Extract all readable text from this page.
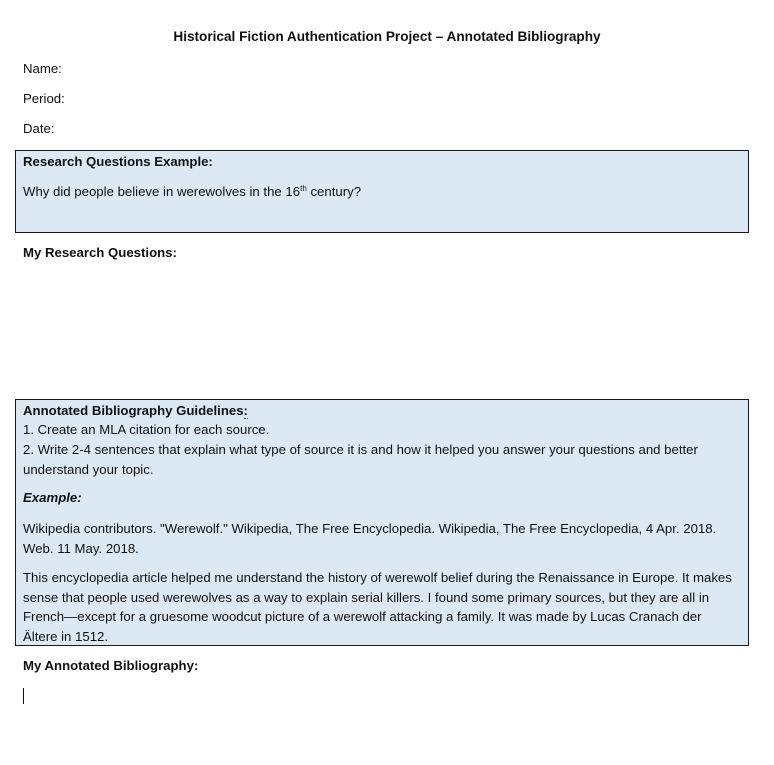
Historical Fiction Authentication Project – Annotated Bibliography
Name:
Period:
Date:
Research Questions Example:
Why did people believe in werewolves in the 16th century?
My Research Questions:
Annotated Bibliography Guidelines:
1. Create an MLA citation for each source.
2. Write 2-4 sentences that explain what type of source it is and how it helped you answer your questions and better understand your topic.
Example:
Wikipedia contributors. "Werewolf." Wikipedia, The Free Encyclopedia. Wikipedia, The Free Encyclopedia, 4 Apr. 2018. Web. 11 May. 2018.
This encyclopedia article helped me understand the history of werewolf belief during the Renaissance in Europe. It makes sense that people used werewolves as a way to explain serial killers. I found some primary sources, but they are all in French—except for a gruesome woodcut picture of a werewolf attacking a family. It was made by Lucas Cranach der Ältere in 1512.
My Annotated Bibliography:
